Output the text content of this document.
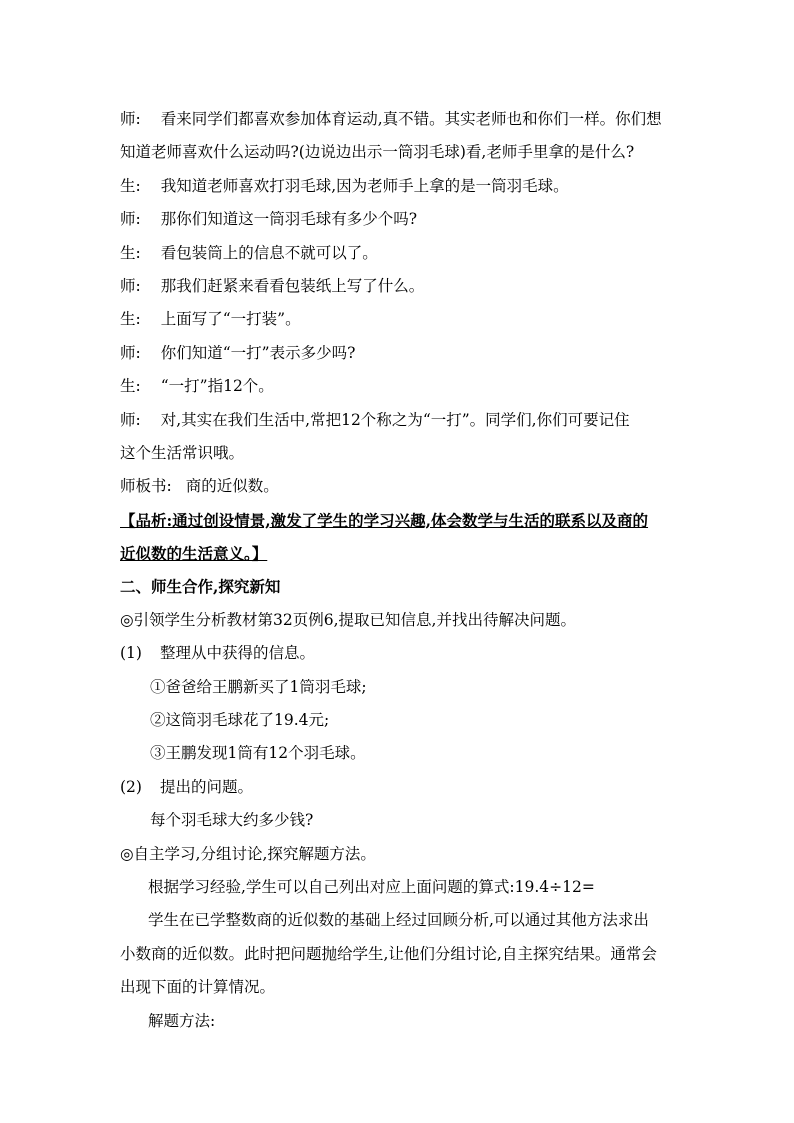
师: 看来同学们都喜欢参加体育运动,真不错。其实老师也和你们一样。你们想
知道老师喜欢什么运动吗?(边说边出示一筒羽毛球)看,老师手里拿的是什么?
生: 我知道老师喜欢打羽毛球,因为老师手上拿的是一筒羽毛球。
师: 那你们知道这一筒羽毛球有多少个吗?
生: 看包装筒上的信息不就可以了。
师: 那我们赶紧来看看包装纸上写了什么。
生: 上面写了“一打装”。
师: 你们知道“一打”表示多少吗?
生: “一打”指12个。
师: 对,其实在我们生活中,常把12个称之为“一打”。同学们,你们可要记住
这个生活常识哦。
师板书: 商的近似数。
【品析:通过创设情景,激发了学生的学习兴趣,体会数学与生活的联系以及商的
近似数的生活意义。】
二、师生合作,探究新知
◎引领学生分析教材第32页例6,提取已知信息,并找出待解决问题。
(1) 整理从中获得的信息。
①爸爸给王鹏新买了1筒羽毛球;
②这筒羽毛球花了19.4元;
③王鹏发现1筒有12个羽毛球。
(2) 提出的问题。
每个羽毛球大约多少钱?
◎自主学习,分组讨论,探究解题方法。
根据学习经验,学生可以自己列出对应上面问题的算式:19.4÷12=
学生在已学整数商的近似数的基础上经过回顾分析,可以通过其他方法求出
小数商的近似数。此时把问题抛给学生,让他们分组讨论,自主探究结果。通常会
出现下面的计算情况。
解题方法:
